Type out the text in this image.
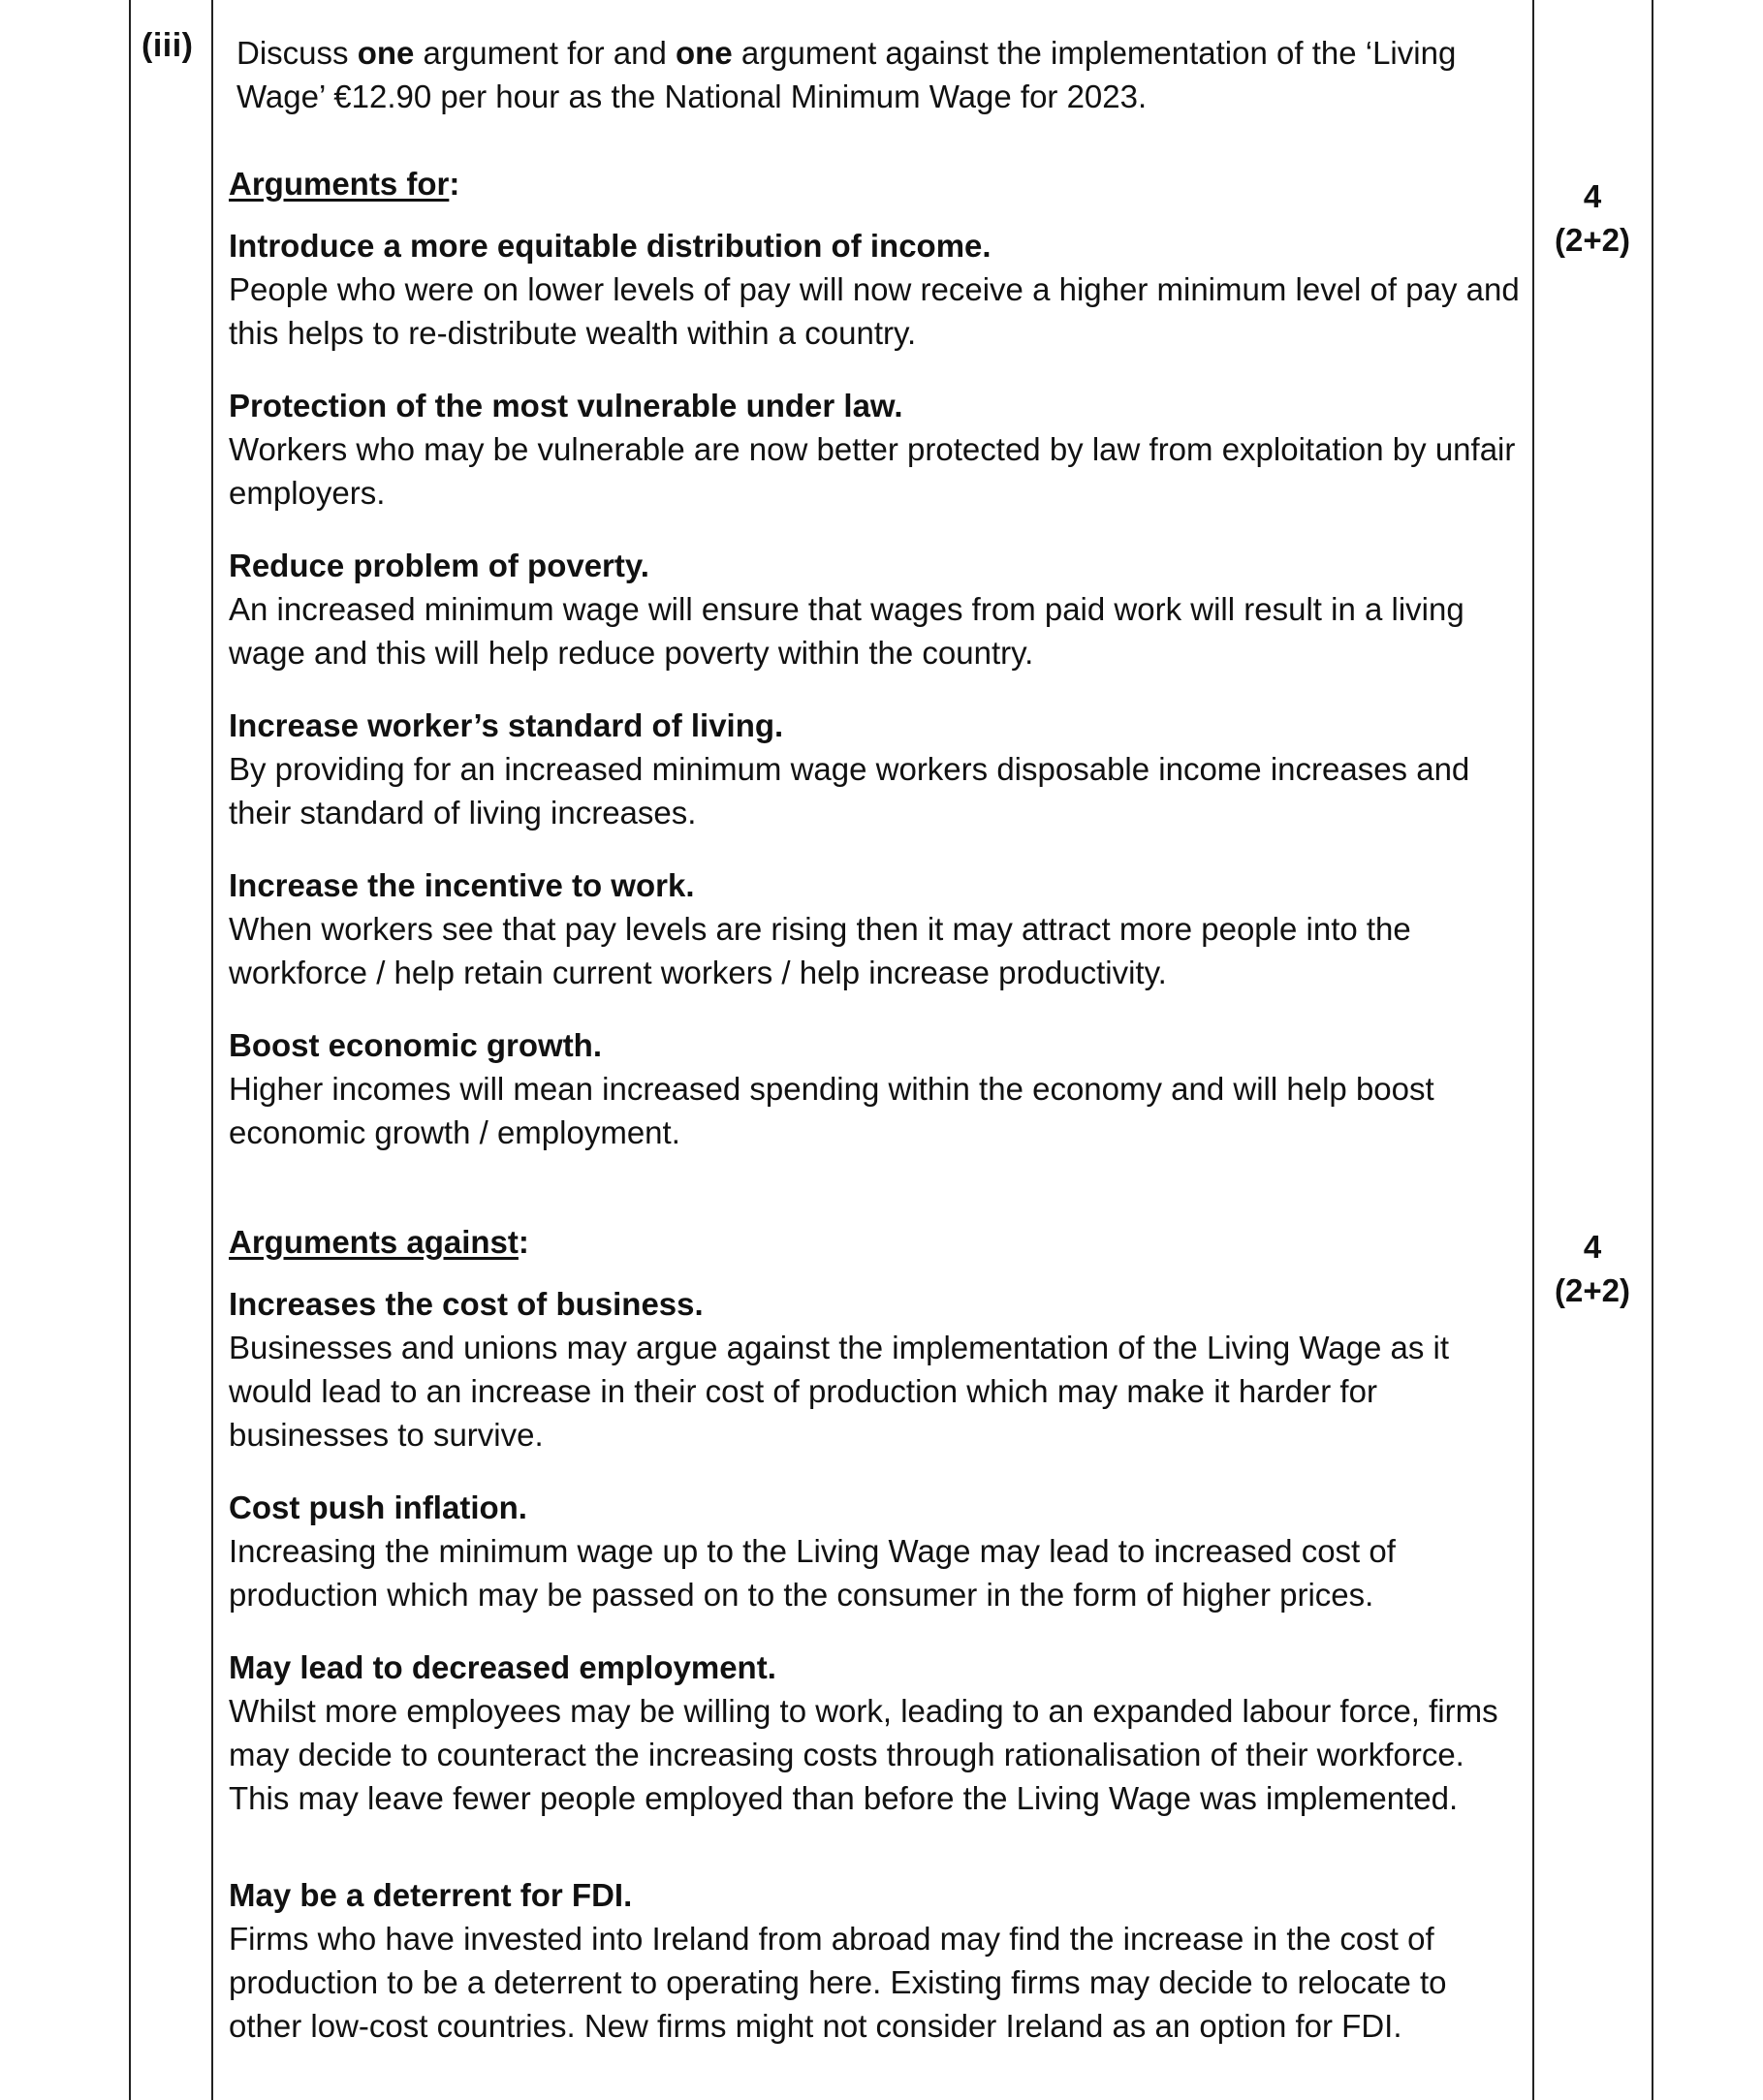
(iii) Discuss one argument for and one argument against the implementation of the ‘Living Wage’ €12.90 per hour as the National Minimum Wage for 2023.
Arguments for:
Introduce a more equitable distribution of income.

People who were on lower levels of pay will now receive a higher minimum level of pay and this helps to re-distribute wealth within a country.

Protection of the most vulnerable under law.

Workers who may be vulnerable are now better protected by law from exploitation by unfair employers.

Reduce problem of poverty.

An increased minimum wage will ensure that wages from paid work will result in a living wage and this will help reduce poverty within the country.

Increase worker’s standard of living.

By providing for an increased minimum wage workers disposable income increases and their standard of living increases.

Increase the incentive to work.

When workers see that pay levels are rising then it may attract more people into the workforce / help retain current workers / help increase productivity.

Boost economic growth.

Higher incomes will mean increased spending within the economy and will help boost economic growth / employment.

Arguments against:
Increases the cost of business.

Businesses and unions may argue against the implementation of the Living Wage as it would lead to an increase in their cost of production which may make it harder for businesses to survive.

Cost push inflation.

Increasing the minimum wage up to the Living Wage may lead to increased cost of production which may be passed on to the consumer in the form of higher prices.

May lead to decreased employment.

Whilst more employees may be willing to work, leading to an expanded labour force, firms may decide to counteract the increasing costs through rationalisation of their workforce. This may leave fewer people employed than before the Living Wage was implemented.

May be a deterrent for FDI.

Firms who have invested into Ireland from abroad may find the increase in the cost of production to be a deterrent to operating here. Existing firms may decide to relocate to other low-cost countries. New firms might not consider Ireland as an option for FDI.

4
(2+2)
4
(2+2)
